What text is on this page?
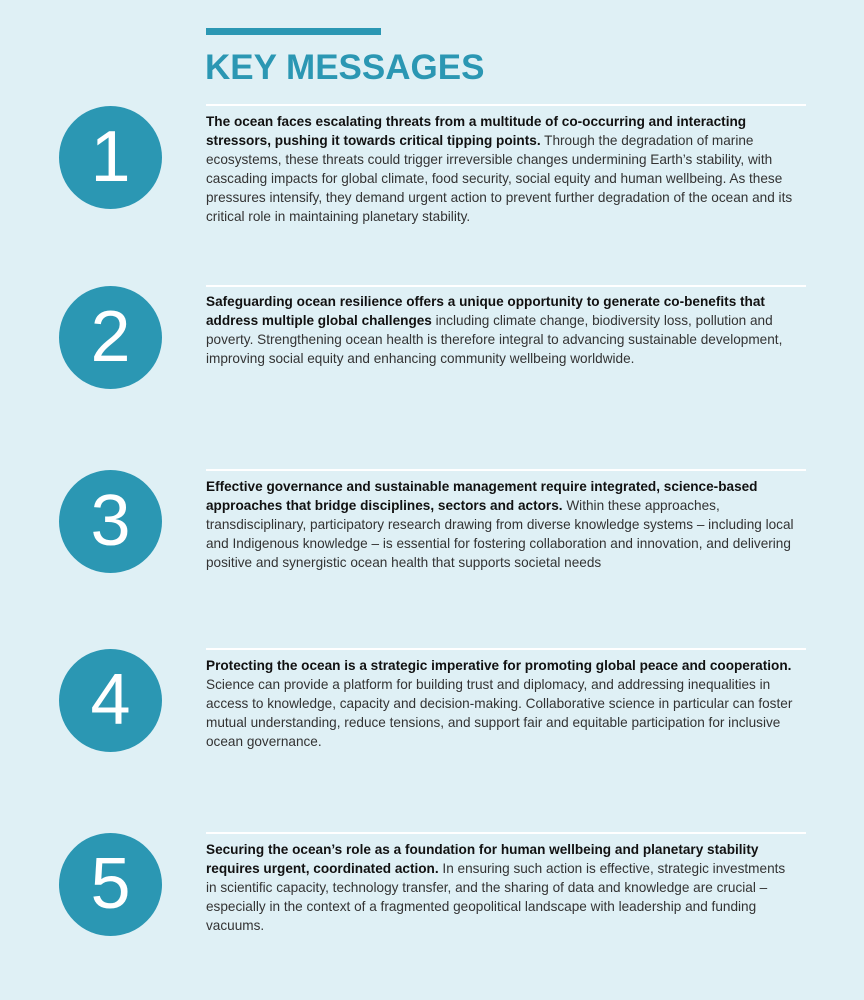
KEY MESSAGES
1	The ocean faces escalating threats from a multitude of co-occurring and interacting stressors, pushing it towards critical tipping points. Through the degradation of marine ecosystems, these threats could trigger irreversible changes undermining Earth’s stability, with cascading impacts for global climate, food security, social equity and human wellbeing. As these pressures intensify, they demand urgent action to prevent further degradation of the ocean and its critical role in maintaining planetary stability.
2	Safeguarding ocean resilience offers a unique opportunity to generate co-benefits that address multiple global challenges including climate change, biodiversity loss, pollution and poverty. Strengthening ocean health is therefore integral to advancing sustainable development, improving social equity and enhancing community wellbeing worldwide.
3	Effective governance and sustainable management require integrated, science-based approaches that bridge disciplines, sectors and actors. Within these approaches, transdisciplinary, participatory research drawing from diverse knowledge systems – including local and Indigenous knowledge – is essential for fostering collaboration and innovation, and delivering positive and synergistic ocean health that supports societal needs
4	Protecting the ocean is a strategic imperative for promoting global peace and cooperation. Science can provide a platform for building trust and diplomacy, and addressing inequalities in access to knowledge, capacity and decision-making. Collaborative science in particular can foster mutual understanding, reduce tensions, and support fair and equitable participation for inclusive ocean governance.
5	Securing the ocean’s role as a foundation for human wellbeing and planetary stability requires urgent, coordinated action. In ensuring such action is effective, strategic investments in scientific capacity, technology transfer, and the sharing of data and knowledge are crucial – especially in the context of a fragmented geopolitical landscape with leadership and funding vacuums.
